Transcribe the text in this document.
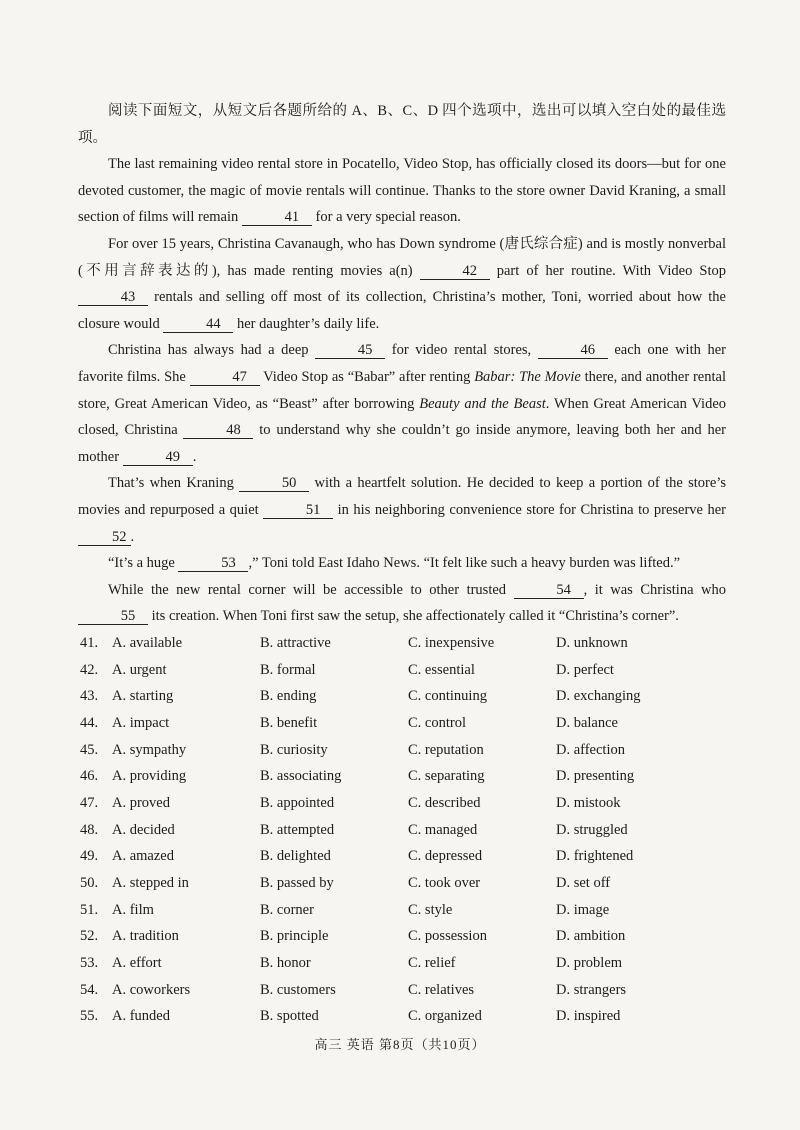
阅读下面短文，从短文后各题所给的 A、B、C、D 四个选项中，选出可以填入空白处的最佳选项。

The last remaining video rental store in Pocatello, Video Stop, has officially closed its doors—but for one devoted customer, the magic of movie rentals will continue. Thanks to the store owner David Kraning, a small section of films will remain	41 for a very special reason.

For over 15 years, Christina Cavanaugh, who has Down syndrome (唐氏综合症) and is mostly nonverbal (不用言辞表达的), has made renting movies a(n)	42 part of her routine. With Video Stop 43 rentals and selling off most of its collection, Christina’s mother, Toni, worried about how the closure would	44 her daughter’s daily life.

Christina has always had a deep	45 for video rental stores,	46 each one with her favorite films. She	47 Video Stop as “Babar” after renting Babar: The Movie there, and another rental store, Great American Video, as “Beast” after borrowing Beauty and the Beast. When Great American Video closed, Christina	48 to understand why she couldn’t go inside anymore, leaving both her and her mother	49 .

That’s when Kraning	50 with a heartfelt solution. He decided to keep a portion of the store’s movies and repurposed a quiet	51 in his neighboring convenience store for Christina to preserve her 52 .

“It’s a huge	53 ,” Toni told East Idaho News. “It felt like such a heavy burden was lifted.”

While the new rental corner will be accessible to other trusted	54 , it was Christina who 55 its creation. When Toni first saw the setup, she affectionately called it “Christina’s corner”.

41. A. available	B. attractive	C. inexpensive	D. unknown
42. A. urgent	B. formal	C. essential	D. perfect
43. A. starting	B. ending	C. continuing	D. exchanging
44. A. impact	B. benefit	C. control	D. balance
45. A. sympathy	B. curiosity	C. reputation	D. affection
46. A. providing	B. associating	C. separating	D. presenting
47. A. proved	B. appointed	C. described	D. mistook
48. A. decided	B. attempted	C. managed	D. struggled
49. A. amazed	B. delighted	C. depressed	D. frightened
50. A. stepped in	B. passed by	C. took over	D. set off
51. A. film	B. corner	C. style	D. image
52. A. tradition	B. principle	C. possession	D. ambition
53. A. effort	B. honor	C. relief	D. problem
54. A. coworkers	B. customers	C. relatives	D. strangers
55. A. funded	B. spotted	C. organized	D. inspired
高三 英语 第8页（共10页）
